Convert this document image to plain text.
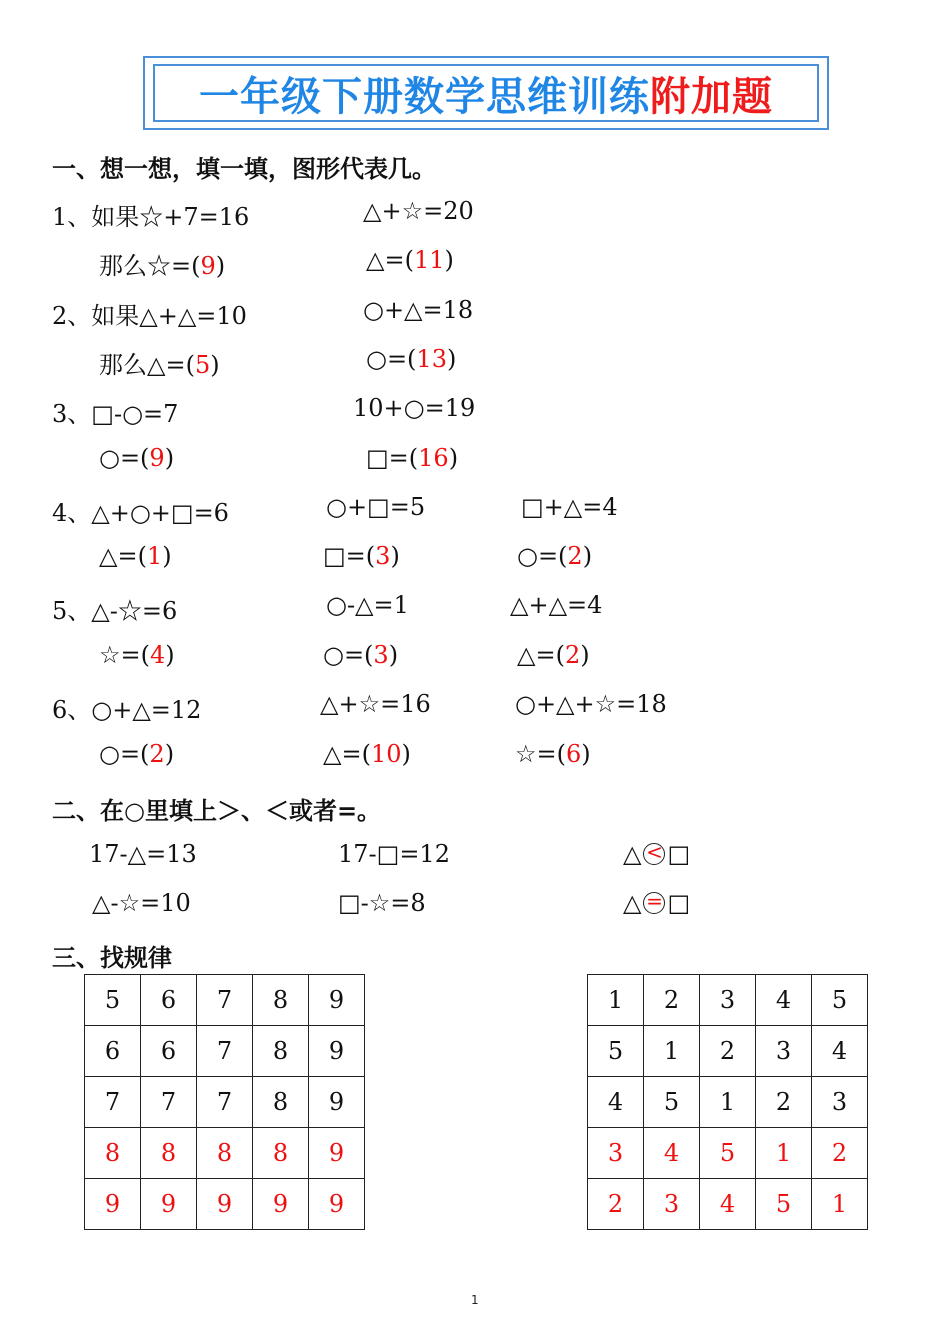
一年级下册数学思维训练 附加题
一、想一想，填一填，图形代表几。
1、如果☆+7=16	△+☆=20
那么☆=(9)	△=(11)
2、如果△+△=10	○+△=18
那么△=(5)	○=(13)
3、□-○=7	10+○=19
○=(9)	□=(16)
4、△+○+□=6	○+□=5	□+△=4
△=(1)	□=(3)	○=(2)
5、△-☆=6	○-△=1	△+△=4
☆=(4)	○=(3)	△=(2)
6、○+△=12	△+☆=16	○+△+☆=18
○=(2)	△=(10)	☆=(6)
二、在○里填上＞、＜或者=。
17-△=13	17-□=12	△ < □
△-☆=10	□-☆=8	△ = □
三、找规律
5	6	7	8	9
6	6	7	8	9
7	7	7	8	9
8	8	8	8	9
9	9	9	9	9
1	2	3	4	5
5	1	2	3	4
4	5	1	2	3
3	4	5	1	2
2	3	4	5	1
1
